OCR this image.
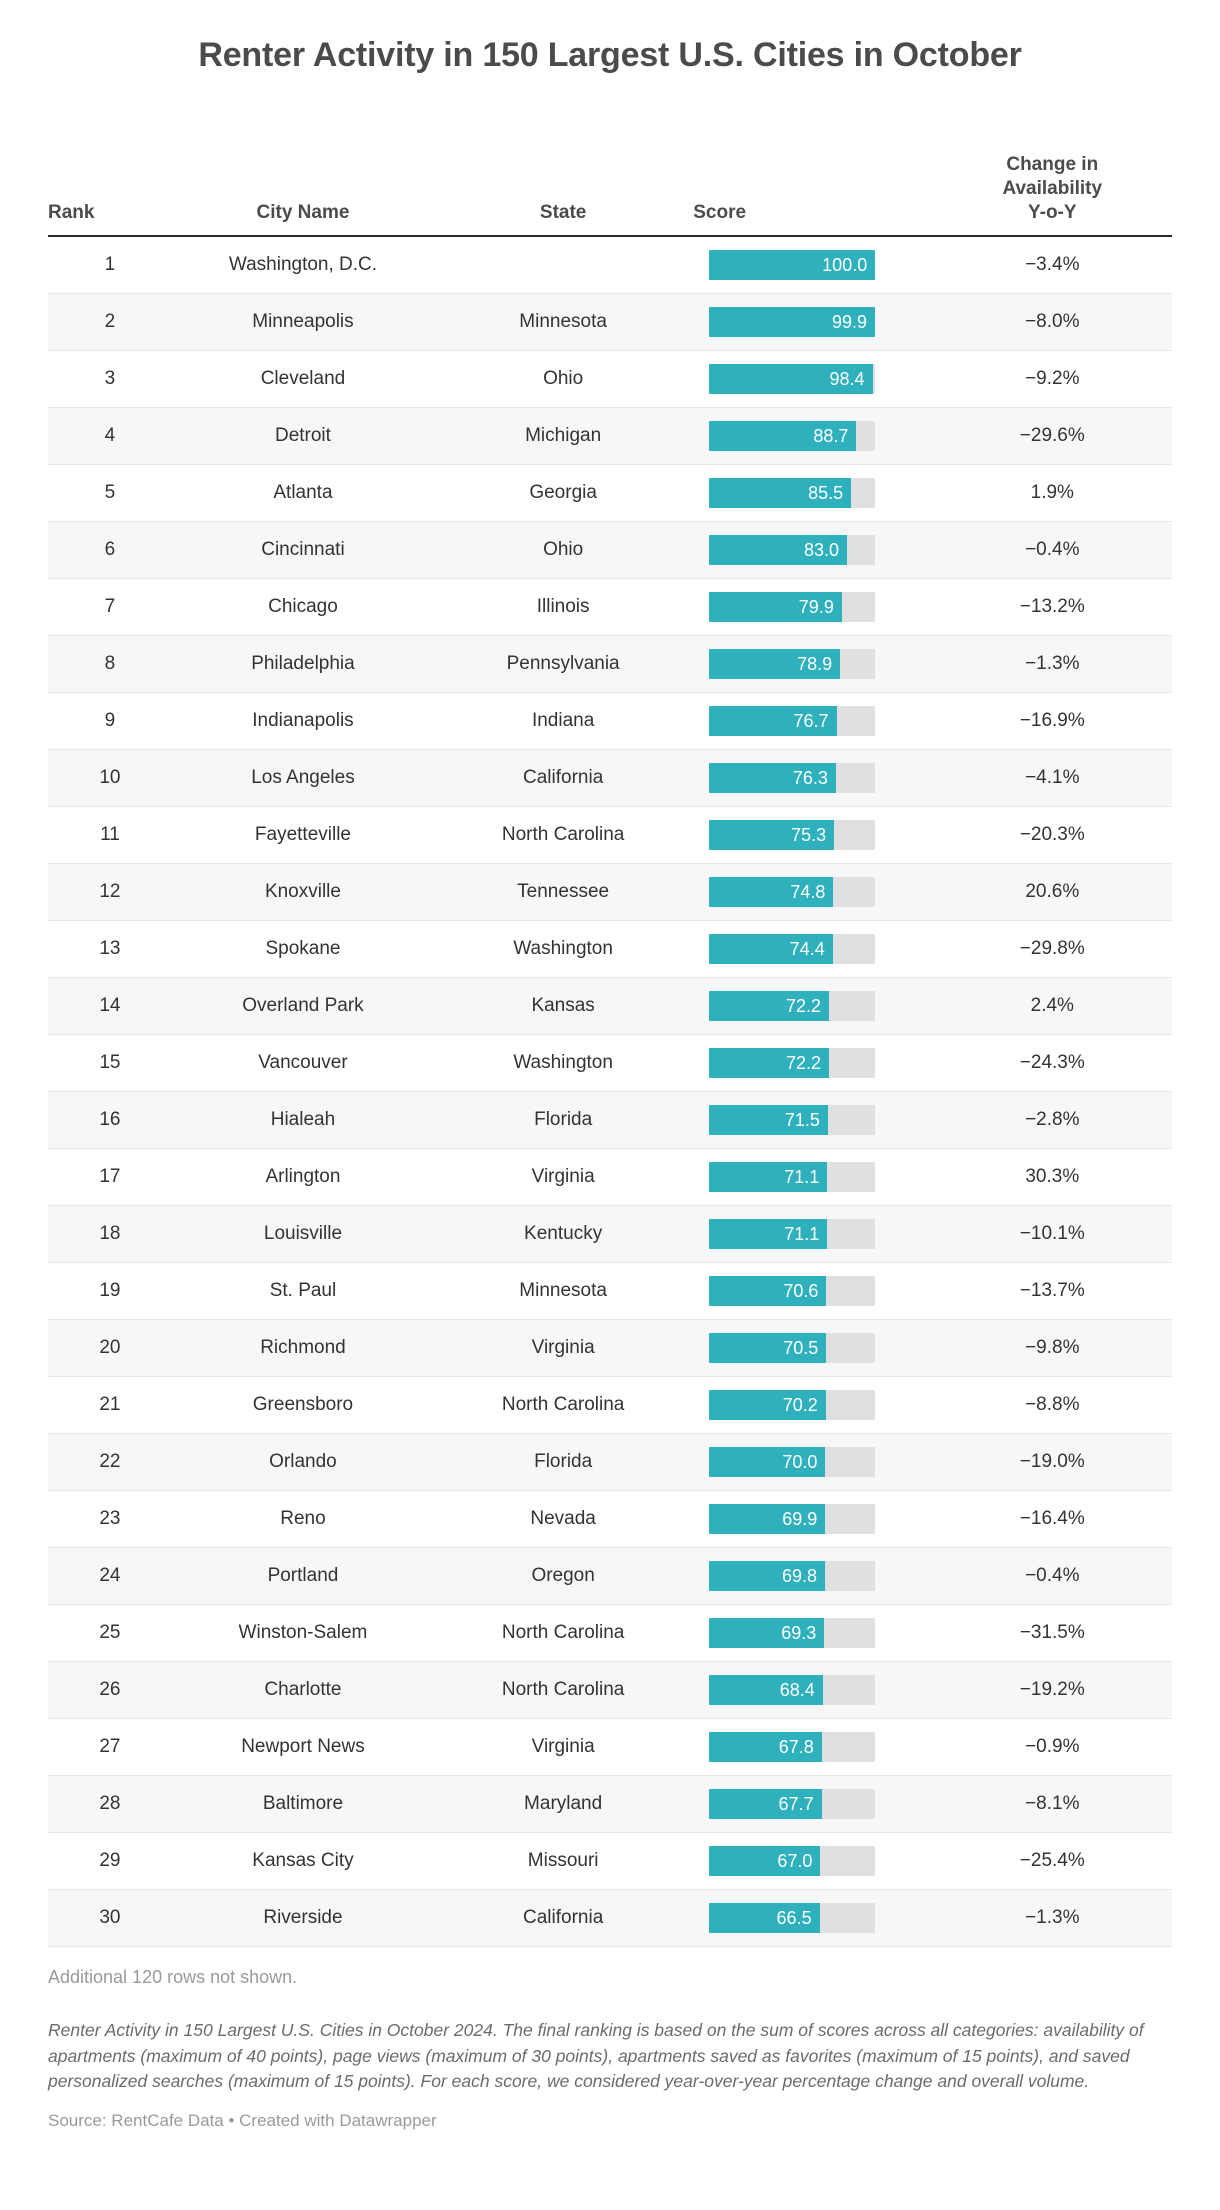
Renter Activity in 150 Largest U.S. Cities in October
Rank	City Name	State	Score	Change in
Availability
Y-o-Y
1	Washington, D.C.		100.0	−3.4%
2	Minneapolis	Minnesota	99.9	−8.0%
3	Cleveland	Ohio	98.4	−9.2%
4	Detroit	Michigan	88.7	−29.6%
5	Atlanta	Georgia	85.5	1.9%
6	Cincinnati	Ohio	83.0	−0.4%
7	Chicago	Illinois	79.9	−13.2%
8	Philadelphia	Pennsylvania	78.9	−1.3%
9	Indianapolis	Indiana	76.7	−16.9%
10	Los Angeles	California	76.3	−4.1%
11	Fayetteville	North Carolina	75.3	−20.3%
12	Knoxville	Tennessee	74.8	20.6%
13	Spokane	Washington	74.4	−29.8%
14	Overland Park	Kansas	72.2	2.4%
15	Vancouver	Washington	72.2	−24.3%
16	Hialeah	Florida	71.5	−2.8%
17	Arlington	Virginia	71.1	30.3%
18	Louisville	Kentucky	71.1	−10.1%
19	St. Paul	Minnesota	70.6	−13.7%
20	Richmond	Virginia	70.5	−9.8%
21	Greensboro	North Carolina	70.2	−8.8%
22	Orlando	Florida	70.0	−19.0%
23	Reno	Nevada	69.9	−16.4%
24	Portland	Oregon	69.8	−0.4%
25	Winston-Salem	North Carolina	69.3	−31.5%
26	Charlotte	North Carolina	68.4	−19.2%
27	Newport News	Virginia	67.8	−0.9%
28	Baltimore	Maryland	67.7	−8.1%
29	Kansas City	Missouri	67.0	−25.4%
30	Riverside	California	66.5	−1.3%
Additional 120 rows not shown.
Renter Activity in 150 Largest U.S. Cities in October 2024. The final ranking is based on the sum of scores across all categories: availability of apartments (maximum of 40 points), page views (maximum of 30 points), apartments saved as favorites (maximum of 15 points), and saved personalized searches (maximum of 15 points). For each score, we considered year-over-year percentage change and overall volume.
Source: RentCafe Data • Created with Datawrapper
